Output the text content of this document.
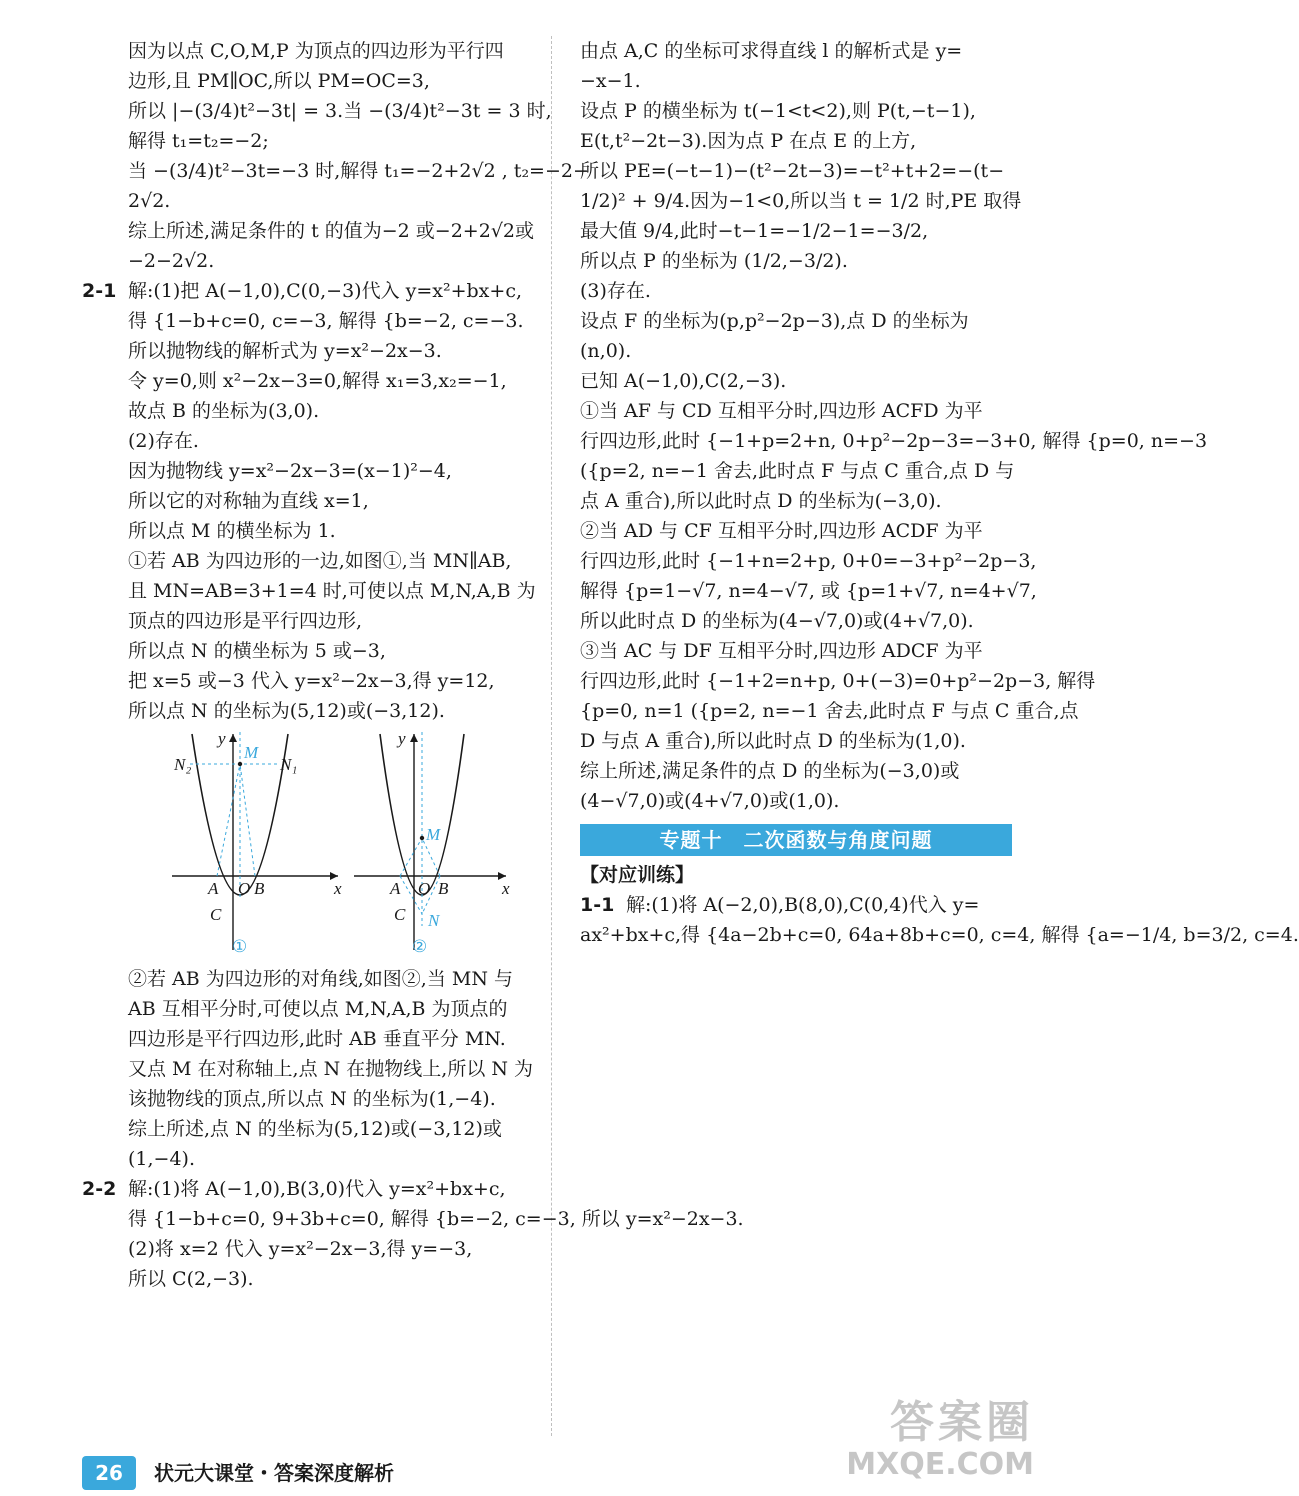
因为以点 C,O,M,P 为顶点的四边形为平行四
边形,且 PM∥OC,所以 PM=OC=3,
所以 |−(3/4)t²−3t| = 3.当 −(3/4)t²−3t = 3 时,
解得 t₁=t₂=−2;
当 −(3/4)t²−3t=−3 时,解得 t₁=−2+2√2 , t₂=−2−
2√2.
综上所述,满足条件的 t 的值为−2 或−2+2√2或
−2−2√2.
2-1 解:(1)把 A(−1,0),C(0,−3)代入 y=x²+bx+c,
得 {1−b+c=0, c=−3, 解得 {b=−2, c=−3.
所以抛物线的解析式为 y=x²−2x−3.
令 y=0,则 x²−2x−3=0,解得 x₁=3,x₂=−1,
故点 B 的坐标为(3,0).
(2)存在.
因为抛物线 y=x²−2x−3=(x−1)²−4,
所以它的对称轴为直线 x=1,
所以点 M 的横坐标为 1.
①若 AB 为四边形的一边,如图①,当 MN∥AB,
且 MN=AB=3+1=4 时,可使以点 M,N,A,B 为
顶点的四边形是平行四边形,
所以点 N 的横坐标为 5 或−3,
把 x=5 或−3 代入 y=x²−2x−3,得 y=12,
所以点 N 的坐标为(5,12)或(−3,12).
y
x
O
A B
C
M
N₁
N₂
①
y
x
O
A B
C
M
N
②
②若 AB 为四边形的对角线,如图②,当 MN 与
AB 互相平分时,可使以点 M,N,A,B 为顶点的
四边形是平行四边形,此时 AB 垂直平分 MN.
又点 M 在对称轴上,点 N 在抛物线上,所以 N 为
该抛物线的顶点,所以点 N 的坐标为(1,−4).
综上所述,点 N 的坐标为(5,12)或(−3,12)或
(1,−4).
2-2 解:(1)将 A(−1,0),B(3,0)代入 y=x²+bx+c,
得 {1−b+c=0, 9+3b+c=0, 解得 {b=−2, c=−3, 所以 y=x²−2x−3.
(2)将 x=2 代入 y=x²−2x−3,得 y=−3,
所以 C(2,−3).
由点 A,C 的坐标可求得直线 l 的解析式是 y=
−x−1.
设点 P 的横坐标为 t(−1<t<2),则 P(t,−t−1),
E(t,t²−2t−3).因为点 P 在点 E 的上方,
所以 PE=(−t−1)−(t²−2t−3)=−t²+t+2=−(t−
1/2)² + 9/4.因为−1<0,所以当 t = 1/2 时,PE 取得
最大值 9/4,此时−t−1=−1/2−1=−3/2,
所以点 P 的坐标为 (1/2,−3/2).
(3)存在.
设点 F 的坐标为(p,p²−2p−3),点 D 的坐标为
(n,0).
已知 A(−1,0),C(2,−3).
①当 AF 与 CD 互相平分时,四边形 ACFD 为平
行四边形,此时 {−1+p=2+n, 0+p²−2p−3=−3+0, 解得 {p=0, n=−3
({p=2, n=−1 舍去,此时点 F 与点 C 重合,点 D 与
点 A 重合),所以此时点 D 的坐标为(−3,0).
②当 AD 与 CF 互相平分时,四边形 ACDF 为平
行四边形,此时 {−1+n=2+p, 0+0=−3+p²−2p−3,
解得 {p=1−√7, n=4−√7, 或 {p=1+√7, n=4+√7,
所以此时点 D 的坐标为(4−√7,0)或(4+√7,0).
③当 AC 与 DF 互相平分时,四边形 ADCF 为平
行四边形,此时 {−1+2=n+p, 0+(−3)=0+p²−2p−3, 解得
{p=0, n=1 ({p=2, n=−1 舍去,此时点 F 与点 C 重合,点
D 与点 A 重合),所以此时点 D 的坐标为(1,0).
综上所述,满足条件的点 D 的坐标为(−3,0)或
(4−√7,0)或(4+√7,0)或(1,0).
专题十　二次函数与角度问题
【对应训练】
1-1 解:(1)将 A(−2,0),B(8,0),C(0,4)代入 y=
ax²+bx+c,得 {4a−2b+c=0, 64a+8b+c=0, c=4, 解得 {a=−1/4, b=3/2, c=4.
26 状元大课堂・答案深度解析
答案圈
MXQE.COM
